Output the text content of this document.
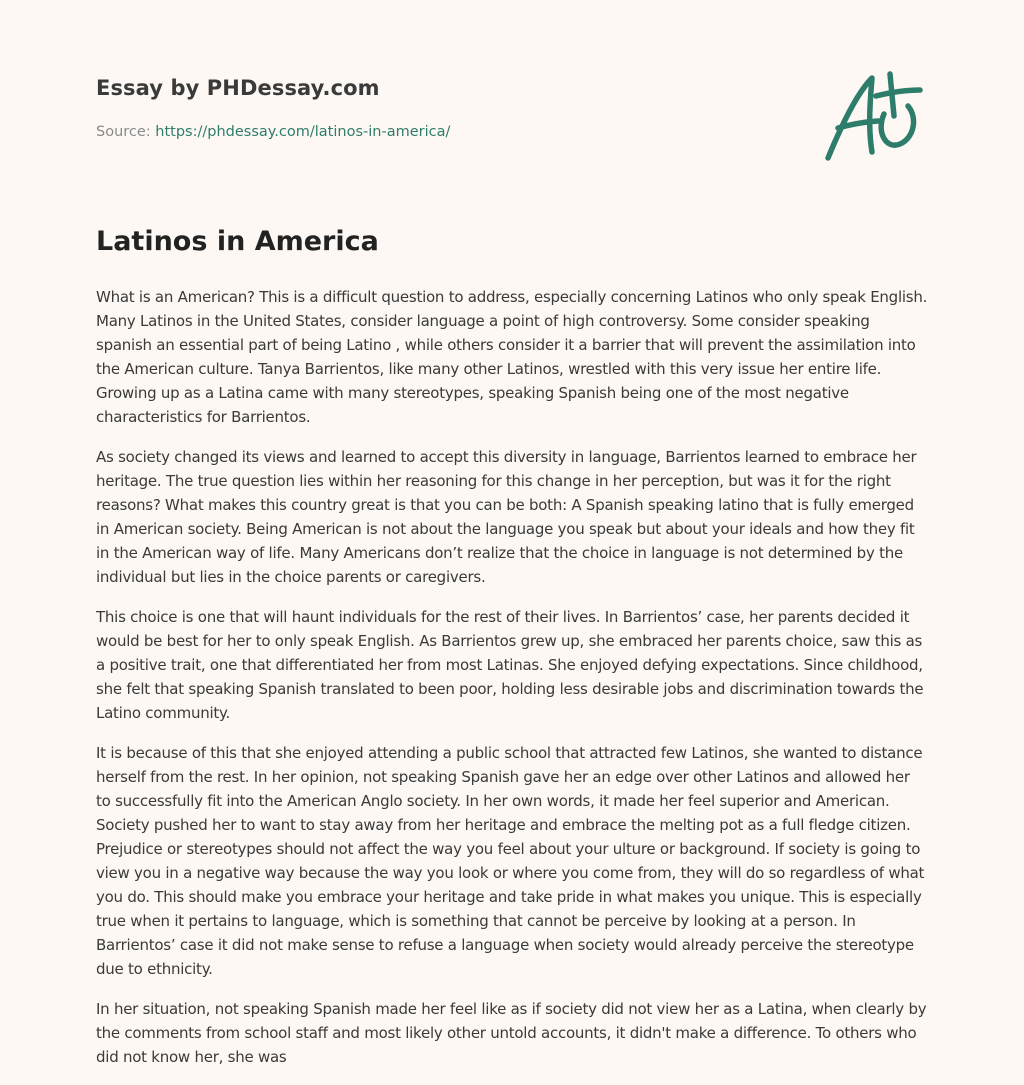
Essay by PHDessay.com
Source: https://phdessay.com/latinos-in-america/
Latinos in America

What is an American? This is a difficult question to address, especially concerning Latinos who only speak English. Many Latinos in the United States, consider language a point of high controversy. Some consider speaking spanish an essential part of being Latino , while others consider it a barrier that will prevent the assimilation into the American culture. Tanya Barrientos, like many other Latinos, wrestled with this very issue her entire life. Growing up as a Latina came with many stereotypes, speaking Spanish being one of the most negative characteristics for Barrientos.

As society changed its views and learned to accept this diversity in language, Barrientos learned to embrace her heritage. The true question lies within her reasoning for this change in her perception, but was it for the right reasons? What makes this country great is that you can be both: A Spanish speaking latino that is fully emerged in American society. Being American is not about the language you speak but about your ideals and how they fit in the American way of life. Many Americans don’t realize that the choice in language is not determined by the individual but lies in the choice parents or caregivers.

This choice is one that will haunt individuals for the rest of their lives. In Barrientos’ case, her parents decided it would be best for her to only speak English. As Barrientos grew up, she embraced her parents choice, saw this as a positive trait, one that differentiated her from most Latinas. She enjoyed defying expectations. Since childhood, she felt that speaking Spanish translated to been poor, holding less desirable jobs and discrimination towards the Latino community.

It is because of this that she enjoyed attending a public school that attracted few Latinos, she wanted to distance herself from the rest. In her opinion, not speaking Spanish gave her an edge over other Latinos and allowed her to successfully fit into the American Anglo society. In her own words, it made her feel superior and American. Society pushed her to want to stay away from her heritage and embrace the melting pot as a full fledge citizen. Prejudice or stereotypes should not affect the way you feel about your ulture or background. If society is going to view you in a negative way because the way you look or where you come from, they will do so regardless of what you do. This should make you embrace your heritage and take pride in what makes you unique. This is especially true when it pertains to language, which is something that cannot be perceive by looking at a person. In Barrientos’ case it did not make sense to refuse a language when society would already perceive the stereotype due to ethnicity.

In her situation, not speaking Spanish made her feel like as if society did not view her as a Latina, when clearly by the comments from school staff and most likely other untold accounts, it didn't make a difference. To others who did not know her, she was
